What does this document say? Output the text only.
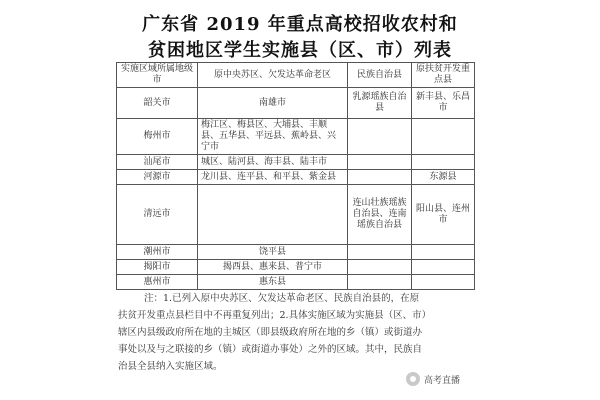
广东省 2019 年重点高校招收农村和
贫困地区学生实施县（区、市）列表
实施区域所属地级市	原中央苏区、欠发达革命老区	民族自治县	原扶贫开发重点县
韶关市	南雄市	乳源瑶族自治县	新丰县、乐昌市
梅州市	梅江区、梅县区、大埔县、丰顺县、五华县、平远县、蕉岭县、兴宁市		
汕尾市	城区、陆河县、海丰县、陆丰市		
河源市	龙川县、连平县、和平县、紫金县		东源县
清远市		连山壮族瑶族自治县、连南瑶族自治县	阳山县、连州市
潮州市	饶平县		
揭阳市	揭西县、惠来县、普宁市		
惠州市	惠东县		
注：1.已列入原中央苏区、欠发达革命老区、民族自治县的，在原
扶贫开发重点县栏目中不再重复列出；2.具体实施区域为实施县（区、市）
辖区内县级政府所在地的主城区（即县级政府所在地的乡（镇）或街道办
事处以及与之联接的乡（镇）或街道办事处）之外的区域。其中，民族自
治县全县纳入实施区域。
高考直播
